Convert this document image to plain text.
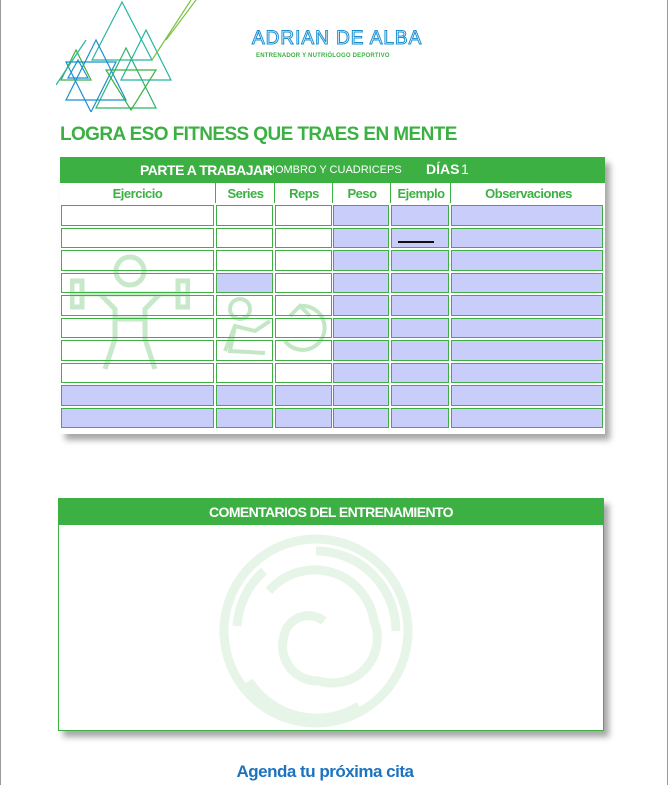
ADRIAN DE ALBA
ENTRENADOR Y NUTRIÓLOGO DEPORTIVO
LOGRA ESO FITNESS QUE TRAES EN MENTE
PARTE A TRABAJAR
HOMBRO Y CUADRICEPS DÍAS 1
Ejercicio	Series	Reps	Peso	Ejemplo	Observaciones
COMENTARIOS DEL ENTRENAMIENTO
Agenda tu próxima cita
